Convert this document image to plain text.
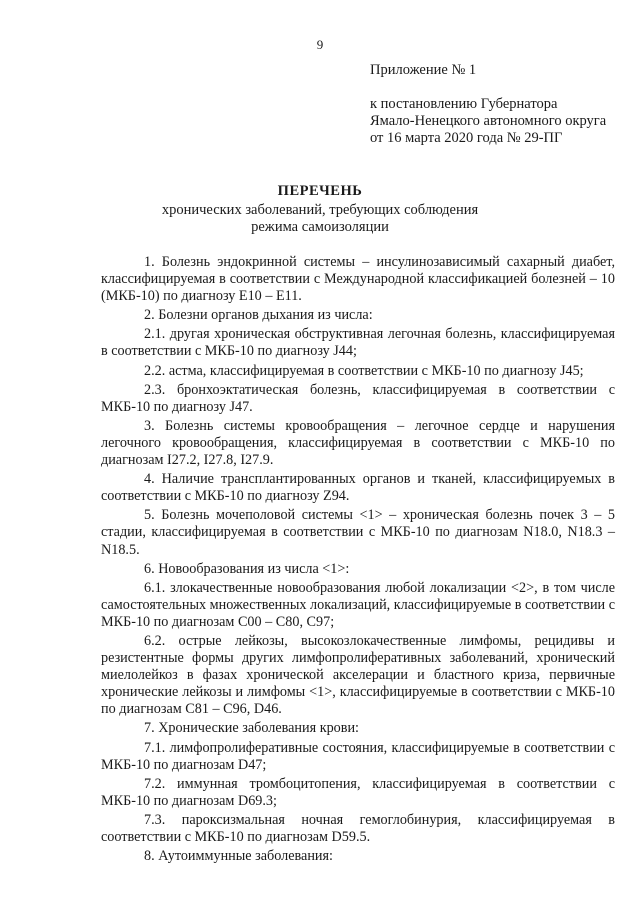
9
Приложение № 1
к постановлению Губернатора
Ямало-Ненецкого автономного округа
от 16 марта 2020 года № 29-ПГ
ПЕРЕЧЕНЬ
хронических заболеваний, требующих соблюдения
режима самоизоляции

1. Болезнь эндокринной системы – инсулинозависимый сахарный диабет, классифицируемая в соответствии с Международной классификацией болезней – 10 (МКБ-10) по диагнозу Е10 – Е11.

2. Болезни органов дыхания из числа:

2.1. другая хроническая обструктивная легочная болезнь, классифицируемая в соответствии с МКБ-10 по диагнозу J44;

2.2. астма, классифицируемая в соответствии с МКБ-10 по диагнозу J45;

2.3. бронхоэктатическая болезнь, классифицируемая в соответствии с МКБ-10 по диагнозу J47.

3. Болезнь системы кровообращения – легочное сердце и нарушения легочного кровообращения, классифицируемая в соответствии с МКБ-10 по диагнозам I27.2, I27.8, I27.9.

4. Наличие трансплантированных органов и тканей, классифицируемых в соответствии с МКБ-10 по диагнозу Z94.

5. Болезнь мочеполовой системы <1> – хроническая болезнь почек 3 – 5 стадии, классифицируемая в соответствии с МКБ-10 по диагнозам N18.0, N18.3 – N18.5.

6. Новообразования из числа <1>:

6.1. злокачественные новообразования любой локализации <2>, в том числе самостоятельных множественных локализаций, классифицируемые в соответствии с МКБ-10 по диагнозам С00 – С80, С97;

6.2. острые лейкозы, высокозлокачественные лимфомы, рецидивы и резистентные формы других лимфопролиферативных заболеваний, хронический миелолейкоз в фазах хронической акселерации и бластного криза, первичные хронические лейкозы и лимфомы <1>, классифицируемые в соответствии с МКБ-10 по диагнозам С81 – С96, D46.

7. Хронические заболевания крови:

7.1. лимфопролиферативные состояния, классифицируемые в соответствии с МКБ-10 по диагнозам D47;

7.2. иммунная тромбоцитопения, классифицируемая в соответствии с МКБ-10 по диагнозам D69.3;

7.3. пароксизмальная ночная гемоглобинурия, классифицируемая в соответствии с МКБ-10 по диагнозам D59.5.

8. Аутоиммунные заболевания:
